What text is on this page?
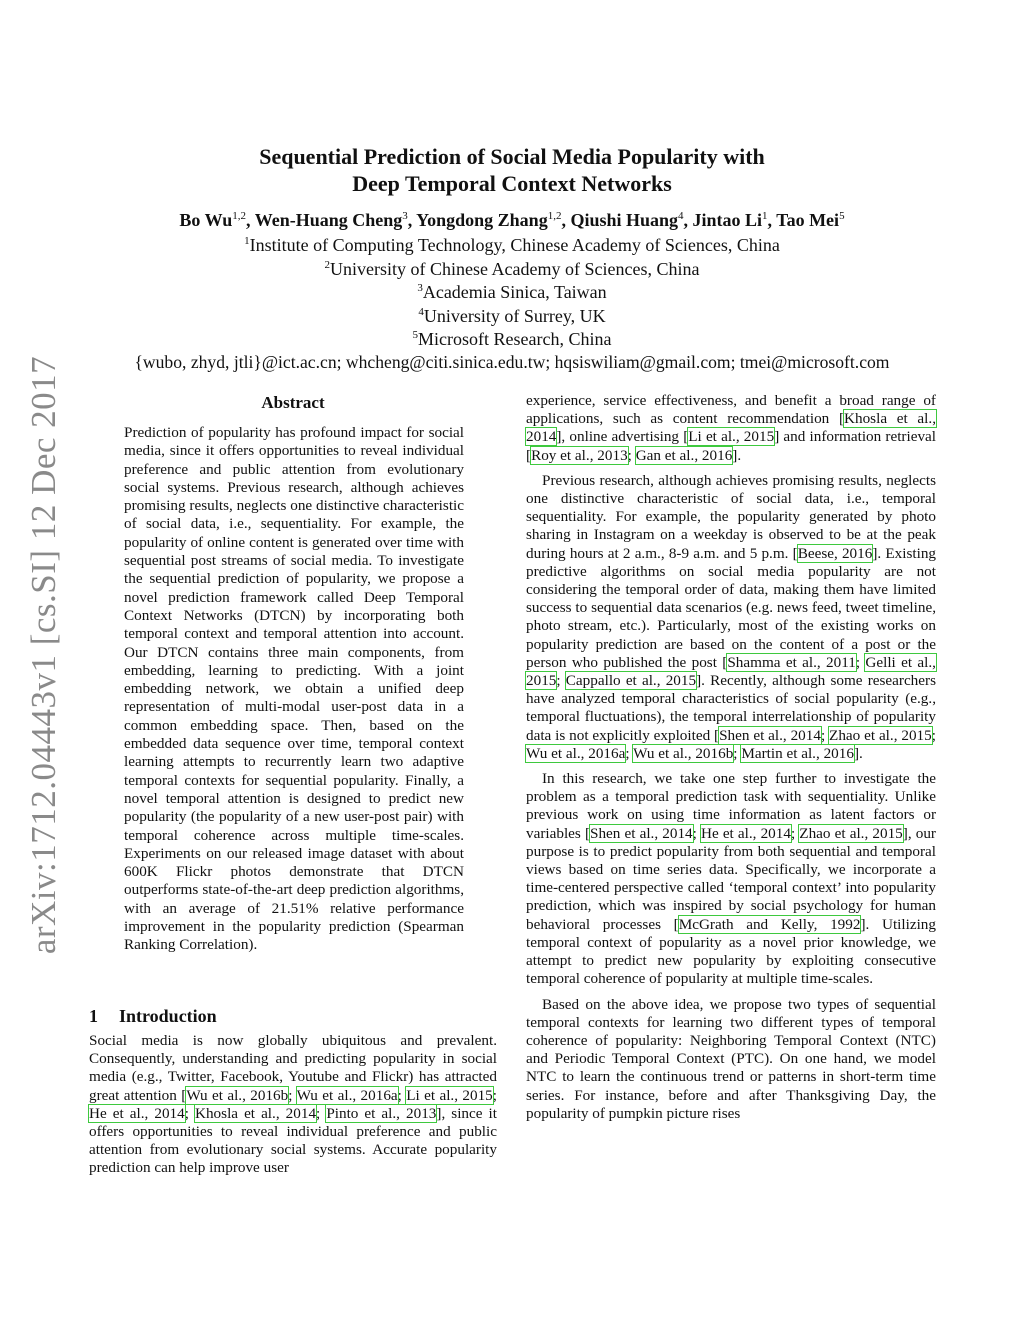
arXiv:1712.04443v1 [cs.SI] 12 Dec 2017
Sequential Prediction of Social Media Popularity with
Deep Temporal Context Networks
Bo Wu$^{1,2}$, Wen-Huang Cheng$^3$, Yongdong Zhang$^{1,2}$, Qiushi Huang$^4$, Jintao Li$^1$, Tao Mei$^5$
$^1$Institute of Computing Technology, Chinese Academy of Sciences, China
$^2$University of Chinese Academy of Sciences, China
$^3$Academia Sinica, Taiwan
$^4$University of Surrey, UK
$^5$Microsoft Research, China
{wubo, zhyd, jtli}@ict.ac.cn; whcheng@citi.sinica.edu.tw; hqsiswiliam@gmail.com; tmei@microsoft.com
Abstract
Prediction of popularity has profound impact for social media, since it offers opportunities to reveal individual preference and public attention from evolutionary social systems. Previous research, although achieves promising results, neglects one distinctive characteristic of social data, i.e., sequentiality. For example, the popularity of online content is generated over time with sequential post streams of social media. To investigate the sequential prediction of popularity, we propose a novel prediction framework called Deep Temporal Context Networks (DTCN) by incorporating both temporal context and temporal attention into account. Our DTCN contains three main components, from embedding, learning to predicting. With a joint embedding network, we obtain a unified deep representation of multi-modal user-post data in a common embedding space. Then, based on the embedded data sequence over time, temporal context learning attempts to recurrently learn two adaptive temporal contexts for sequential popularity. Finally, a novel temporal attention is designed to predict new popularity (the popularity of a new user-post pair) with temporal coherence across multiple time-scales. Experiments on our released image dataset with about 600K Flickr photos demonstrate that DTCN outperforms state-of-the-art deep prediction algorithms, with an average of 21.51% relative performance improvement in the popularity prediction (Spearman Ranking Correlation).
1 Introduction
Social media is now globally ubiquitous and prevalent. Consequently, understanding and predicting popularity in social media (e.g., Twitter, Facebook, Youtube and Flickr) has attracted great attention [Wu et al., 2016b; Wu et al., 2016a; Li et al., 2015; He et al., 2014; Khosla et al., 2014; Pinto et al., 2013], since it offers opportunities to reveal individual preference and public attention from evolutionary social systems. Accurate popularity prediction can help improve user

experience, service effectiveness, and benefit a broad range of applications, such as content recommendation [Khosla et al., 2014], online advertising [Li et al., 2015] and information retrieval [Roy et al., 2013; Gan et al., 2016].

Previous research, although achieves promising results, neglects one distinctive characteristic of social data, i.e., temporal sequentiality. For example, the popularity generated by photo sharing in Instagram on a weekday is observed to be at the peak during hours at 2 a.m., 8-9 a.m. and 5 p.m. [Beese, 2016]. Existing predictive algorithms on social media popularity are not considering the temporal order of data, making them have limited success to sequential data scenarios (e.g. news feed, tweet timeline, photo stream, etc.). Particularly, most of the existing works on popularity prediction are based on the content of a post or the person who published the post [Shamma et al., 2011; Gelli et al., 2015; Cappallo et al., 2015]. Recently, although some researchers have analyzed temporal characteristics of social popularity (e.g., temporal fluctuations), the temporal interrelationship of popularity data is not explicitly exploited [Shen et al., 2014; Zhao et al., 2015; Wu et al., 2016a; Wu et al., 2016b; Martin et al., 2016].

In this research, we take one step further to investigate the problem as a temporal prediction task with sequentiality. Unlike previous work on using time information as latent factors or variables [Shen et al., 2014; He et al., 2014; Zhao et al., 2015], our purpose is to predict popularity from both sequential and temporal views based on time series data. Specifically, we incorporate a time-centered perspective called ‘temporal context’ into popularity prediction, which was inspired by social psychology for human behavioral processes [McGrath and Kelly, 1992]. Utilizing temporal context of popularity as a novel prior knowledge, we attempt to predict new popularity by exploiting consecutive temporal coherence of popularity at multiple time-scales.

Based on the above idea, we propose two types of sequential temporal contexts for learning two different types of temporal coherence of popularity: Neighboring Temporal Context (NTC) and Periodic Temporal Context (PTC). On one hand, we model NTC to learn the continuous trend or patterns in short-term time series. For instance, before and after Thanksgiving Day, the popularity of pumpkin picture rises
